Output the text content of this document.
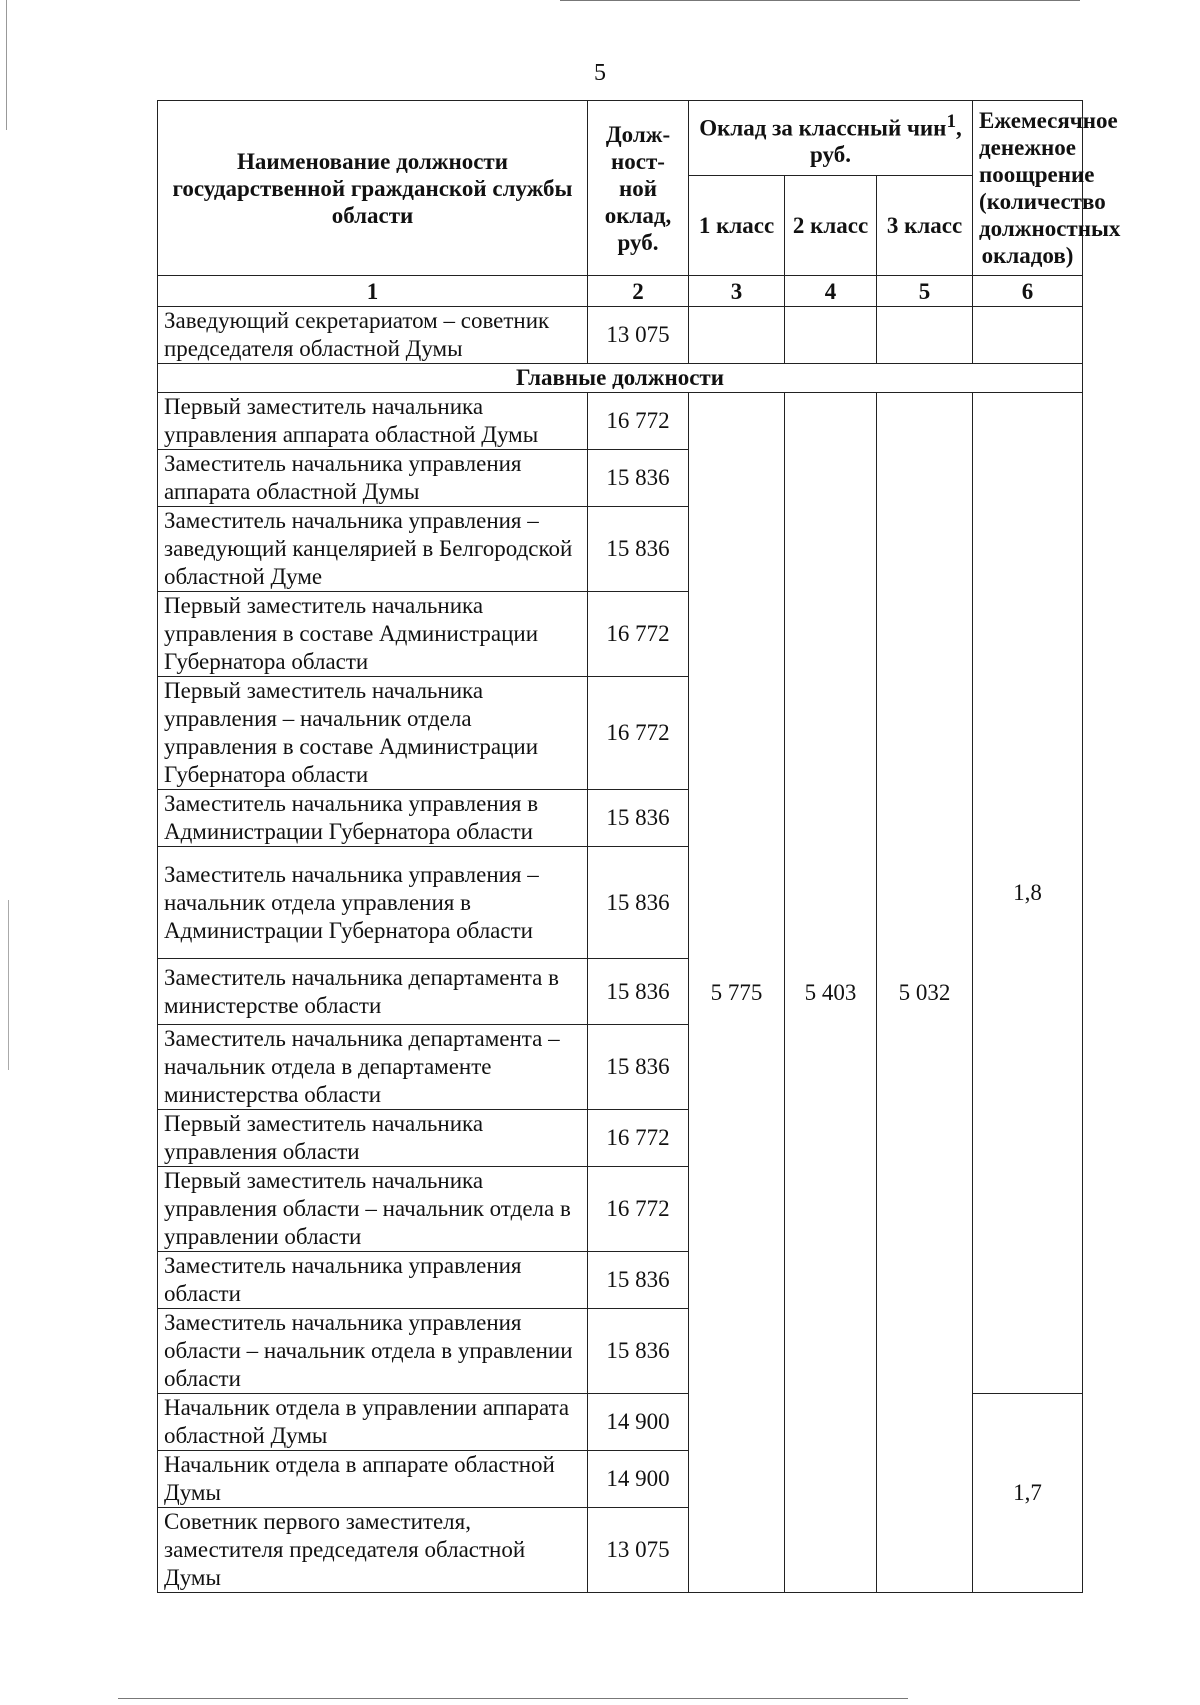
5
Наименование должности государственной гражданской службы области	Долж-ност-ной оклад, руб.	Оклад за классный чин$^1$, руб.			Ежемесячное денежное поощрение (количество должностных окладов)
		1 класс	2 класс	3 класс	
1	2	3	4	5	6
Заведующий секретариатом – советник председателя областной Думы	13 075				
Главные должности					
Первый заместитель начальника управления аппарата областной Думы	16 772	5 775	5 403	5 032	1,8
Заместитель начальника управления аппарата областной Думы	15 836				
Заместитель начальника управления – заведующий канцелярией в Белгородской областной Думе	15 836				
Первый заместитель начальника управления в составе Администрации Губернатора области	16 772				
Первый заместитель начальника управления – начальник отдела управления в составе Администрации Губернатора области	16 772				
Заместитель начальника управления в Администрации Губернатора области	15 836				
Заместитель начальника управления – начальник отдела управления в Администрации Губернатора области	15 836				
Заместитель начальника департамента в министерстве области	15 836				
Заместитель начальника департамента – начальник отдела в департаменте министерства области	15 836				
Первый заместитель начальника управления области	16 772				
Первый заместитель начальника управления области – начальник отдела в управлении области	16 772				
Заместитель начальника управления области	15 836				
Заместитель начальника управления области – начальник отдела в управлении области	15 836				
Начальник отдела в управлении аппарата областной Думы	14 900				1,7
Начальник отдела в аппарате областной Думы	14 900				
Советник первого заместителя, заместителя председателя областной Думы	13 075				
